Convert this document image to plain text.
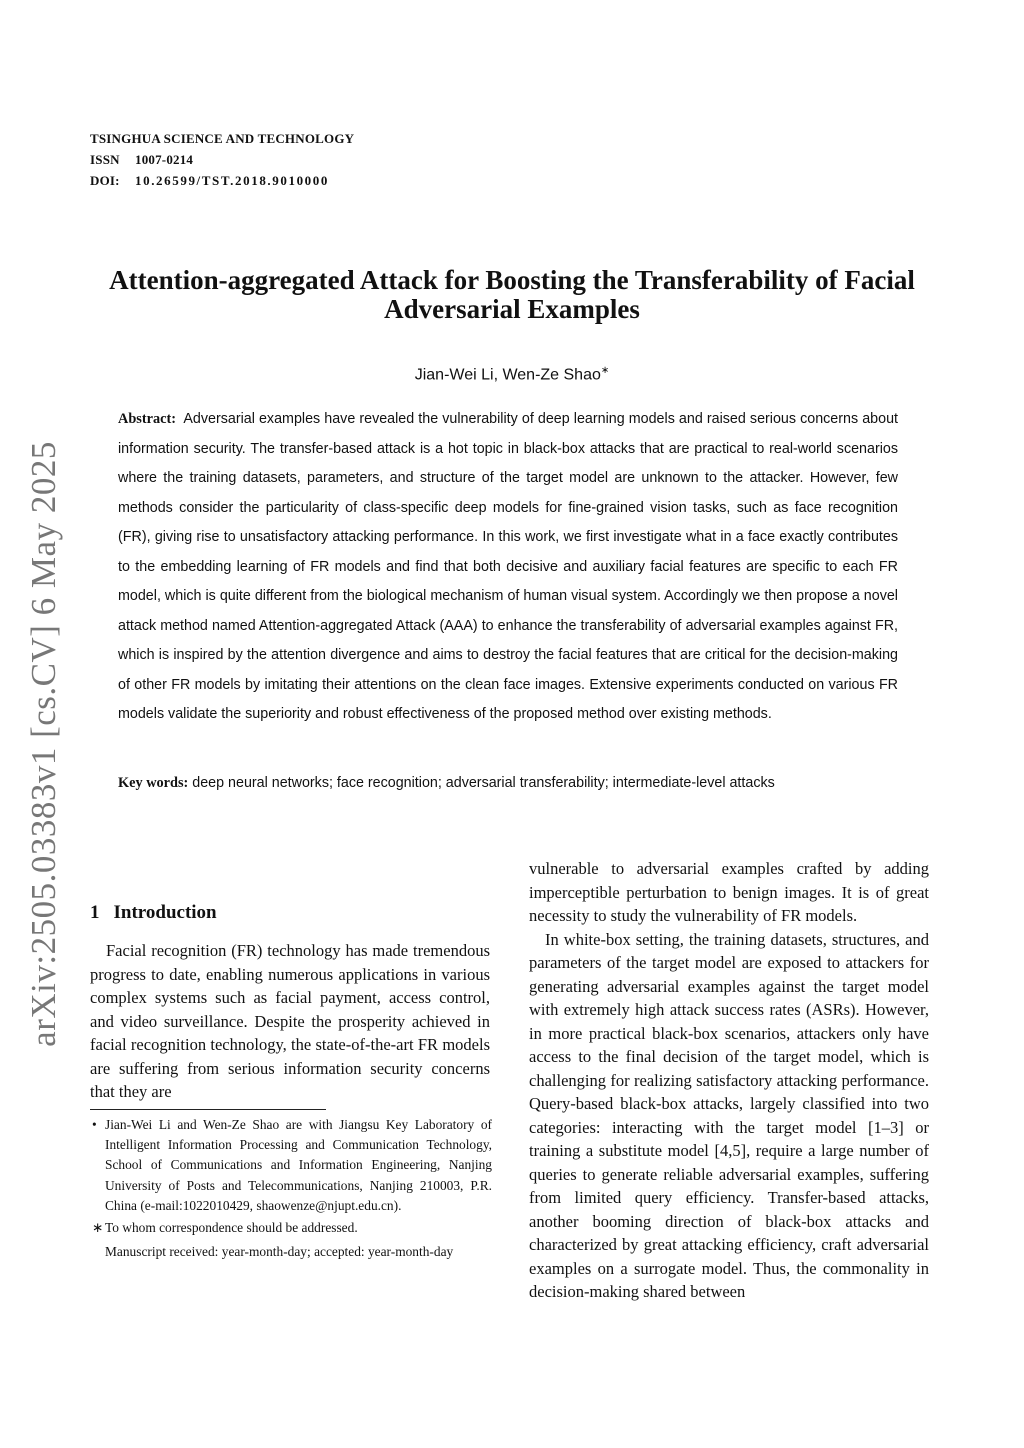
TSINGHUA SCIENCE AND TECHNOLOGY
ISSN 1007-0214
DOI: 10.26599/TST.2018.9010000
arXiv:2505.03383v1 [cs.CV] 6 May 2025
Attention-aggregated Attack for Boosting the Transferability of Facial Adversarial Examples
Jian-Wei Li, Wen-Ze Shao∗
Abstract: Adversarial examples have revealed the vulnerability of deep learning models and raised serious concerns about information security. The transfer-based attack is a hot topic in black-box attacks that are practical to real-world scenarios where the training datasets, parameters, and structure of the target model are unknown to the attacker. However, few methods consider the particularity of class-specific deep models for fine-grained vision tasks, such as face recognition (FR), giving rise to unsatisfactory attacking performance. In this work, we first investigate what in a face exactly contributes to the embedding learning of FR models and find that both decisive and auxiliary facial features are specific to each FR model, which is quite different from the biological mechanism of human visual system. Accordingly we then propose a novel attack method named Attention-aggregated Attack (AAA) to enhance the transferability of adversarial examples against FR, which is inspired by the attention divergence and aims to destroy the facial features that are critical for the decision-making of other FR models by imitating their attentions on the clean face images. Extensive experiments conducted on various FR models validate the superiority and robust effectiveness of the proposed method over existing methods.
Key words: deep neural networks; face recognition; adversarial transferability; intermediate-level attacks
1 Introduction

Facial recognition (FR) technology has made tremendous progress to date, enabling numerous applications in various complex systems such as facial payment, access control, and video surveillance. Despite the prosperity achieved in facial recognition technology, the state-of-the-art FR models are suffering from serious information security concerns that they are

• Jian-Wei Li and Wen-Ze Shao are with Jiangsu Key Laboratory of Intelligent Information Processing and Communication Technology, School of Communications and Information Engineering, Nanjing University of Posts and Telecommunications, Nanjing 210003, P.R. China (e-mail:1022010429, shaowenze@njupt.edu.cn).

∗ To whom correspondence should be addressed.

Manuscript received: year-month-day; accepted: year-month-day

vulnerable to adversarial examples crafted by adding imperceptible perturbation to benign images. It is of great necessity to study the vulnerability of FR models.

In white-box setting, the training datasets, structures, and parameters of the target model are exposed to attackers for generating adversarial examples against the target model with extremely high attack success rates (ASRs). However, in more practical black-box scenarios, attackers only have access to the final decision of the target model, which is challenging for realizing satisfactory attacking performance. Query-based black-box attacks, largely classified into two categories: interacting with the target model [1–3] or training a substitute model [4,5], require a large number of queries to generate reliable adversarial examples, suffering from limited query efficiency. Transfer-based attacks, another booming direction of black-box attacks and characterized by great attacking efficiency, craft adversarial examples on a surrogate model. Thus, the commonality in decision-making shared between
